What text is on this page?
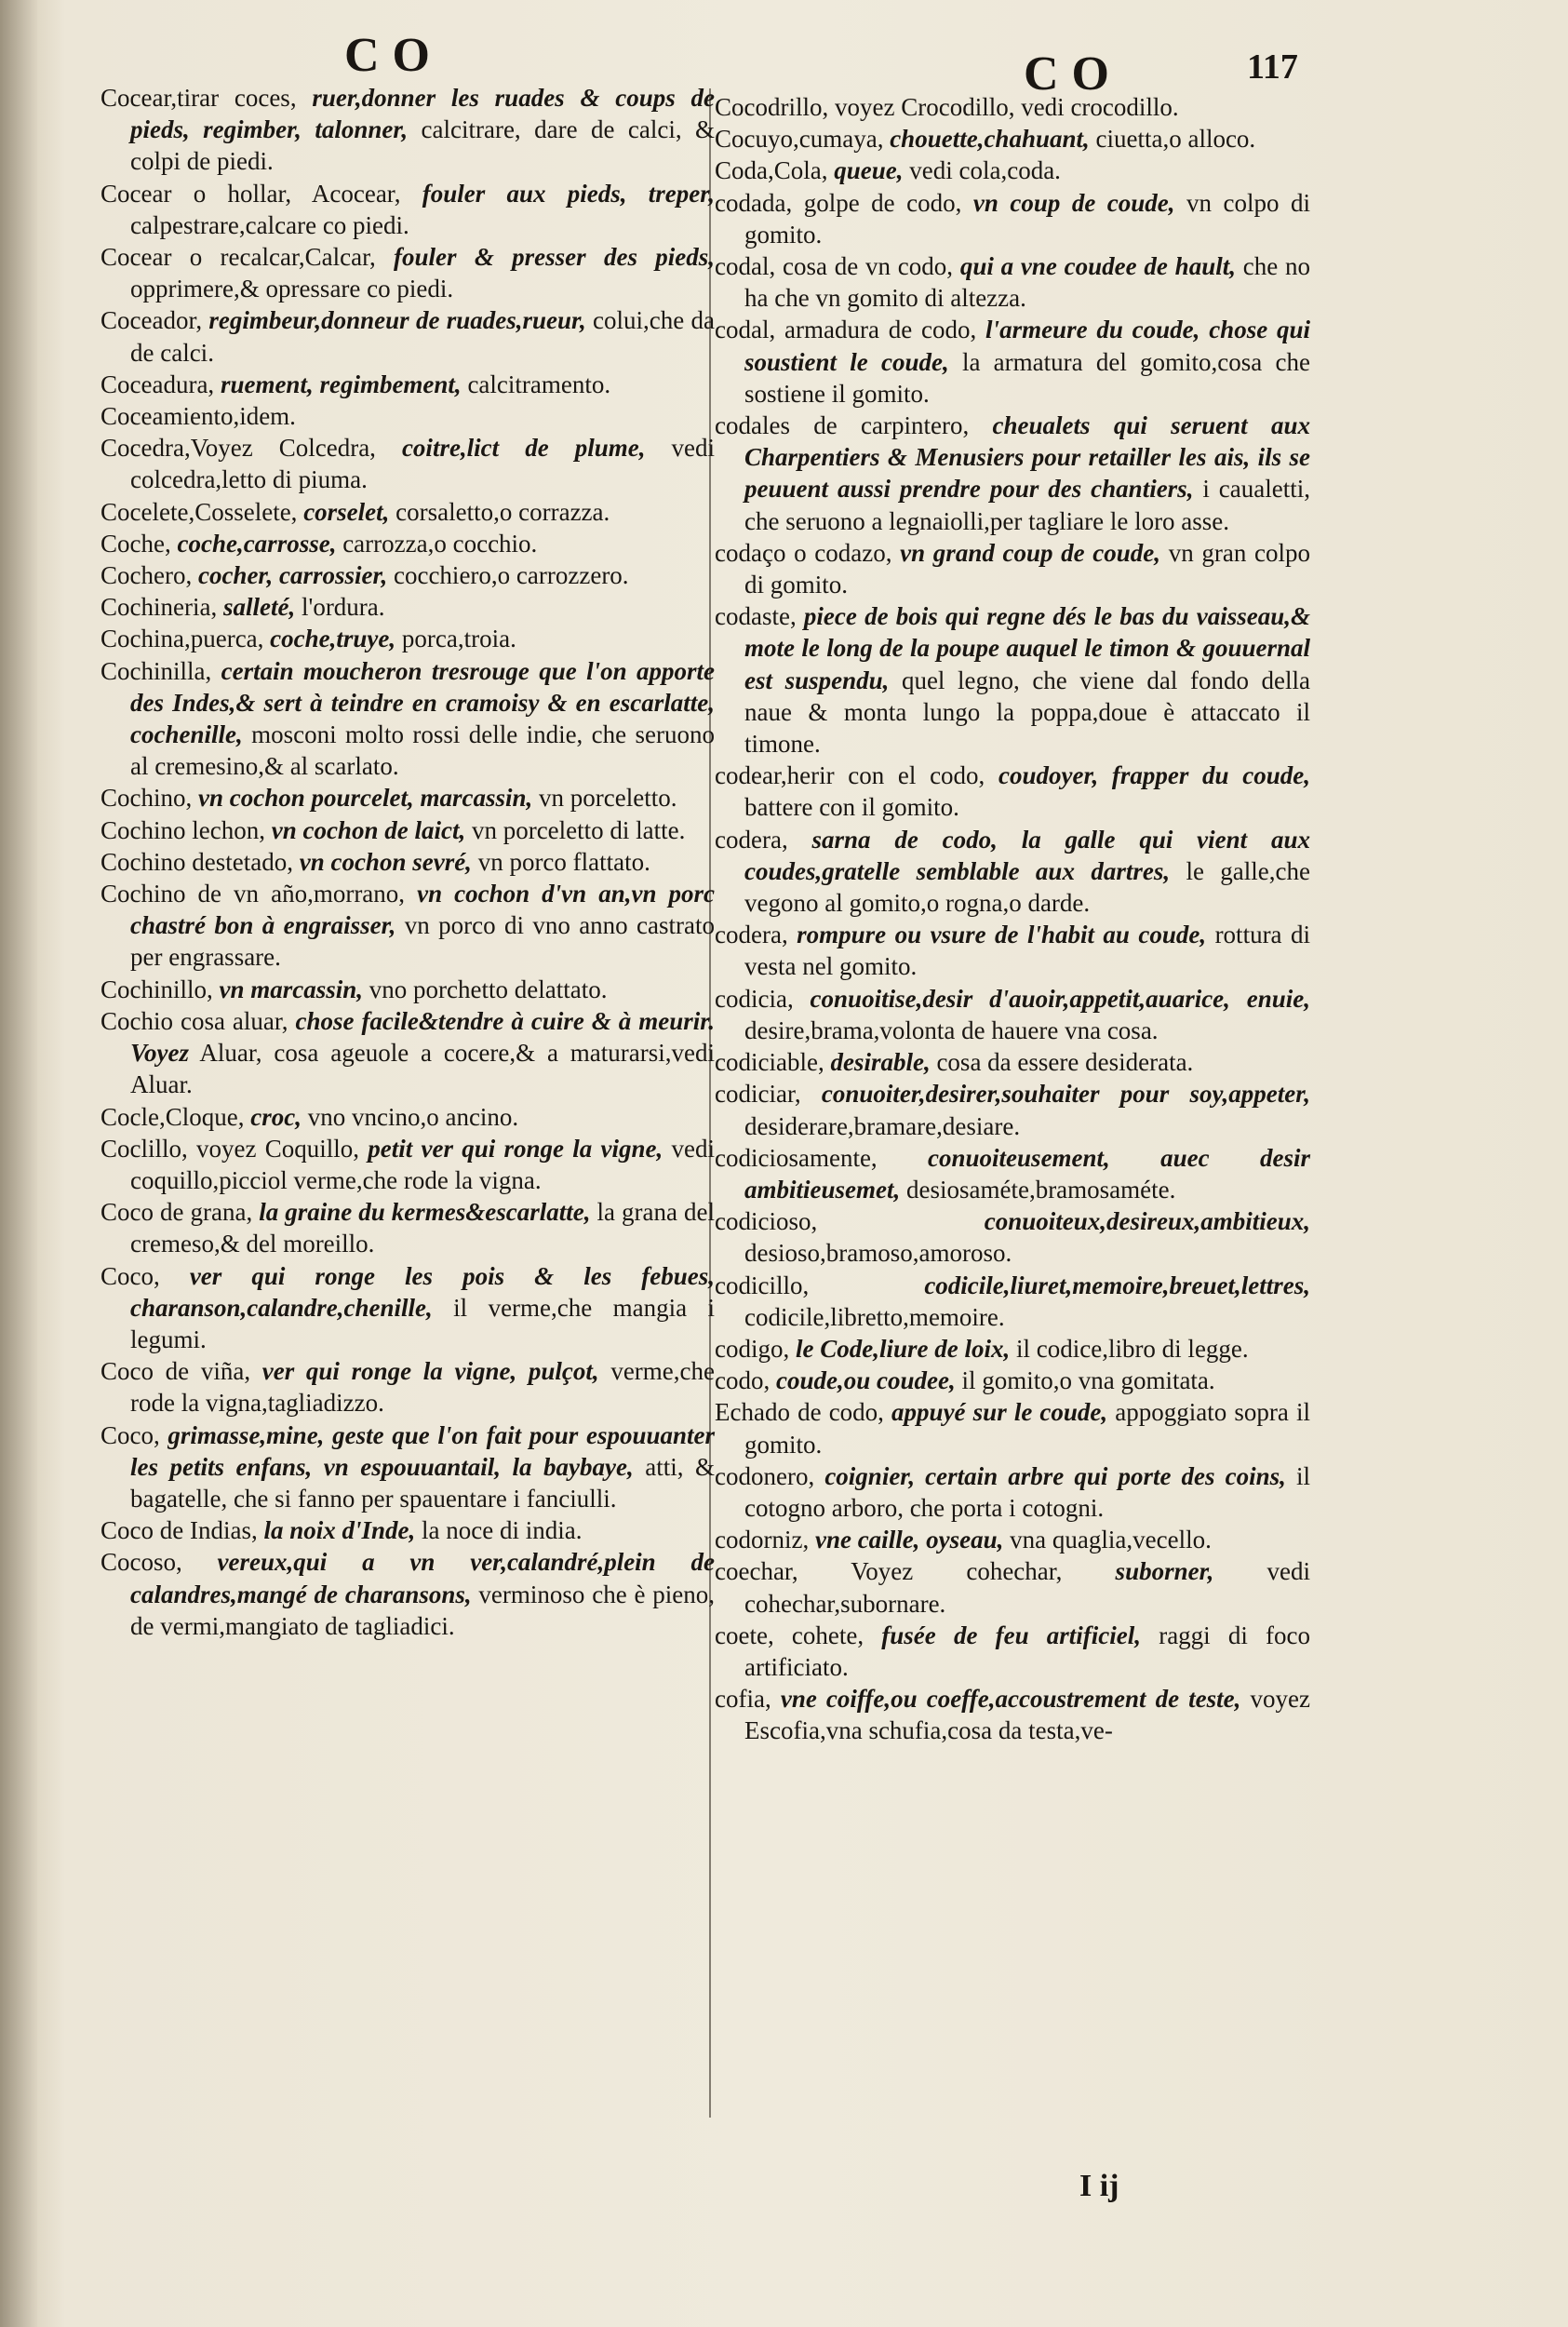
CO	CO	117

Cocear,tirar coces, ruer,donner les ruades & coups de pieds, regimber, talonner, calcitrare, dare de calci, & colpi de piedi.

Cocear o hollar, Acocear, fouler aux pieds, treper, calpestrare,calcare co piedi.

Cocear o recalcar,Calcar, fouler & presser des pieds, opprimere,& opressare co piedi.

Coceador, regimbeur,donneur de ruades,rueur, colui,che da de calci.

Coceadura, ruement, regimbement, calcitramento.

Coceamiento,idem.

Cocedra,Voyez Colcedra, coitre,lict de plume, vedi colcedra,letto di piuma.

Cocelete,Cosselete, corselet, corsaletto,o corrazza.

Coche, coche,carrosse, carrozza,o cocchio.

Cochero, cocher, carrossier, cocchiero,o carrozzero.

Cochineria, salleté, l'ordura.

Cochina,puerca, coche,truye, porca,troia.

Cochinilla, certain moucheron tresrouge que l'on apporte des Indes,& sert à teindre en cramoisy & en escarlatte, cochenille, mosconi molto rossi delle indie, che seruono al cremesino,& al scarlato.

Cochino, vn cochon pourcelet, marcassin, vn porceletto.

Cochino lechon, vn cochon de laict, vn porceletto di latte.

Cochino destetado, vn cochon sevré, vn porco flattato.

Cochino de vn año,morrano, vn cochon d'vn an,vn porc chastré bon à engraisser, vn porco di vno anno castrato per engrassare.

Cochinillo, vn marcassin, vno porchetto delattato.

Cochio cosa aluar, chose facile&tendre à cuire & à meurir. Voyez Aluar, cosa ageuole a cocere,& a maturarsi,vedi Aluar.

Cocle,Cloque, croc, vno vncino,o ancino.

Coclillo, voyez Coquillo, petit ver qui ronge la vigne, vedi coquillo,picciol verme,che rode la vigna.

Coco de grana, la graine du kermes&escarlatte, la grana del cremeso,& del moreillo.

Coco, ver qui ronge les pois & les febues, charanson,calandre,chenille, il verme,che mangia i legumi.

Coco de viña, ver qui ronge la vigne, pulçot, verme,che rode la vigna,tagliadizzo.

Coco, grimasse,mine, geste que l'on fait pour espouuanter les petits enfans, vn espouuantail, la baybaye, atti, & bagatelle, che si fanno per spauentare i fanciulli.

Coco de Indias, la noix d'Inde, la noce di india.

Cocoso, vereux,qui a vn ver,calandré,plein de calandres,mangé de charansons, verminoso che è pieno, de vermi,mangiato de tagliadici.

Cocodrillo, voyez Crocodillo, vedi crocodillo.

Cocuyo,cumaya, chouette,chahuant, ciuetta,o alloco.

Coda,Cola, queue, vedi cola,coda.

codada, golpe de codo, vn coup de coude, vn colpo di gomito.

codal, cosa de vn codo, qui a vne coudee de hault, che no ha che vn gomito di altezza.

codal, armadura de codo, l'armeure du coude, chose qui soustient le coude, la armatura del gomito,cosa che sostiene il gomito.

codales de carpintero, cheualets qui seruent aux Charpentiers & Menusiers pour retailler les ais, ils se peuuent aussi prendre pour des chantiers, i caualetti, che seruono a legnaiolli,per tagliare le loro asse.

codaço o codazo, vn grand coup de coude, vn gran colpo di gomito.

codaste, piece de bois qui regne dés le bas du vaisseau,& mote le long de la poupe auquel le timon & gouuernal est suspendu, quel legno, che viene dal fondo della naue & monta lungo la poppa,doue è attaccato il timone.

codear,herir con el codo, coudoyer, frapper du coude, battere con il gomito.

codera, sarna de codo, la galle qui vient aux coudes,gratelle semblable aux dartres, le galle,che vegono al gomito,o rogna,o darde.

codera, rompure ou vsure de l'habit au coude, rottura di vesta nel gomito.

codicia, conuoitise,desir d'auoir,appetit,auarice, enuie, desire,brama,volonta de hauere vna cosa.

codiciable, desirable, cosa da essere desiderata.

codiciar, conuoiter,desirer,souhaiter pour soy,appeter, desiderare,bramare,desiare.

codiciosamente, conuoiteusement, auec desir ambitieusemet, desiosaméte,bramosaméte.

codicioso, conuoiteux,desireux,ambitieux, desioso,bramoso,amoroso.

codicillo, codicile,liuret,memoire,breuet,lettres, codicile,libretto,memoire.

codigo, le Code,liure de loix, il codice,libro di legge.

codo, coude,ou coudee, il gomito,o vna gomitata.

Echado de codo, appuyé sur le coude, appoggiato sopra il gomito.

codonero, coignier, certain arbre qui porte des coins, il cotogno arboro, che porta i cotogni.

codorniz, vne caille, oyseau, vna quaglia,vecello.

coechar, Voyez cohechar, suborner, vedi cohechar,subornare.

coete, cohete, fusée de feu artificiel, raggi di foco artificiato.

cofia, vne coiffe,ou coeffe,accoustrement de teste, voyez Escofia,vna schufia,cosa da testa,ve-

I ij
